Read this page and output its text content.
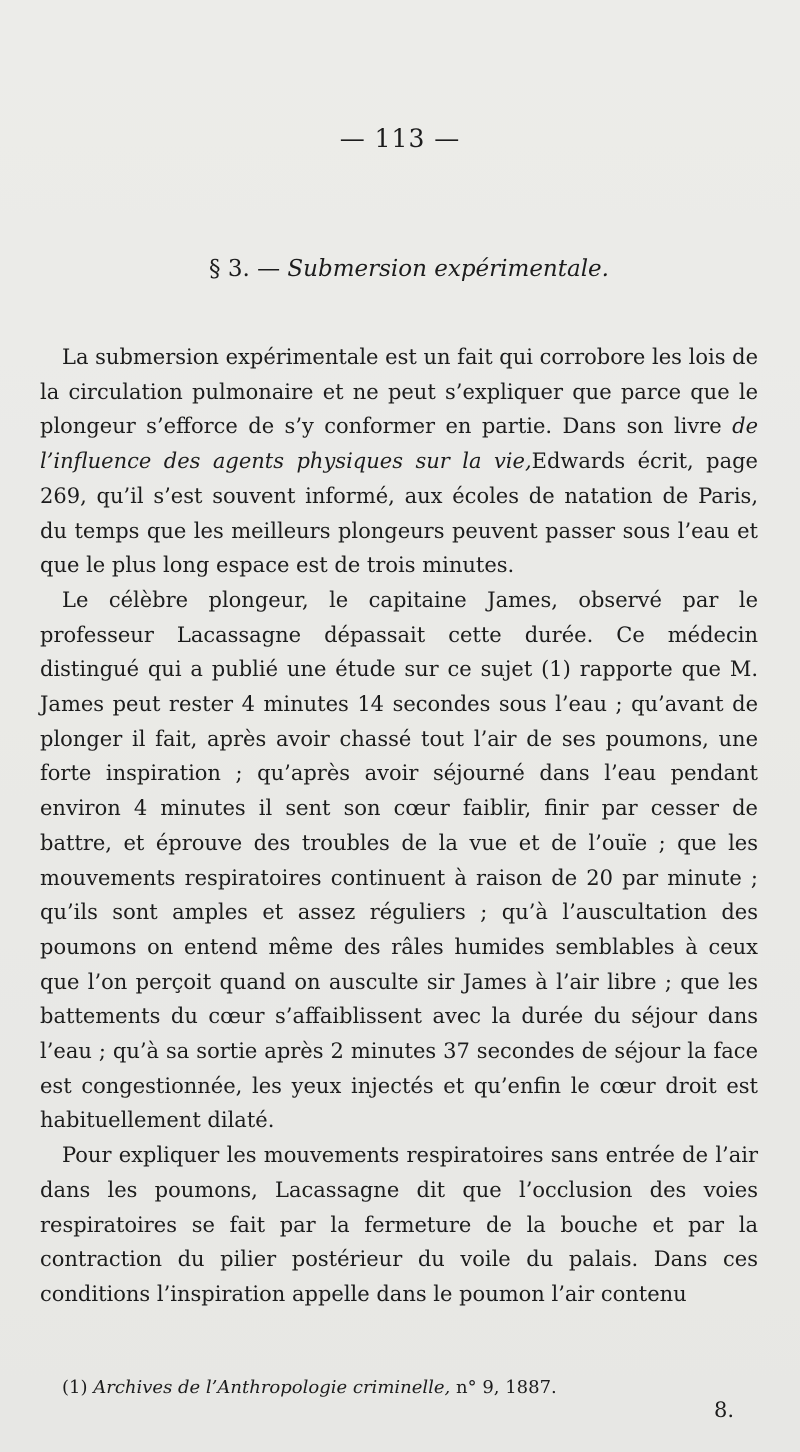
— 113 —
§ 3. — Submersion expérimentale.

La submersion expérimentale est un fait qui corrobore les lois de la circulation pulmonaire et ne peut s’expliquer que parce que le plongeur s’efforce de s’y conformer en partie. Dans son livre de l’influence des agents physiques sur la vie,Edwards écrit, page 269, qu’il s’est souvent informé, aux écoles de natation de Paris, du temps que les meilleurs plongeurs peuvent passer sous l’eau et que le plus long espace est de trois minutes.

Le célèbre plongeur, le capitaine James, observé par le professeur Lacassagne dépassait cette durée. Ce médecin distingué qui a publié une étude sur ce sujet (1) rapporte que M. James peut rester 4 minutes 14 secondes sous l’eau ; qu’avant de plonger il fait, après avoir chassé tout l’air de ses poumons, une forte inspiration ; qu’après avoir séjourné dans l’eau pendant environ 4 minutes il sent son cœur faiblir, finir par cesser de battre, et éprouve des troubles de la vue et de l’ouïe ; que les mouvements respiratoires continuent à raison de 20 par minute ; qu’ils sont amples et assez réguliers ; qu’à l’auscultation des poumons on entend même des râles humides semblables à ceux que l’on perçoit quand on ausculte sir James à l’air libre ; que les battements du cœur s’affaiblissent avec la durée du séjour dans l’eau ; qu’à sa sortie après 2 minutes 37 secondes de séjour la face est congestionnée, les yeux injectés et qu’enfin le cœur droit est habituellement dilaté.

Pour expliquer les mouvements respiratoires sans entrée de l’air dans les poumons, Lacassagne dit que l’occlusion des voies respiratoires se fait par la fermeture de la bouche et par la contraction du pilier postérieur du voile du palais. Dans ces conditions l’inspiration appelle dans le poumon l’air contenu

(1) Archives de l’Anthropologie criminelle, n° 9, 1887.
8.
